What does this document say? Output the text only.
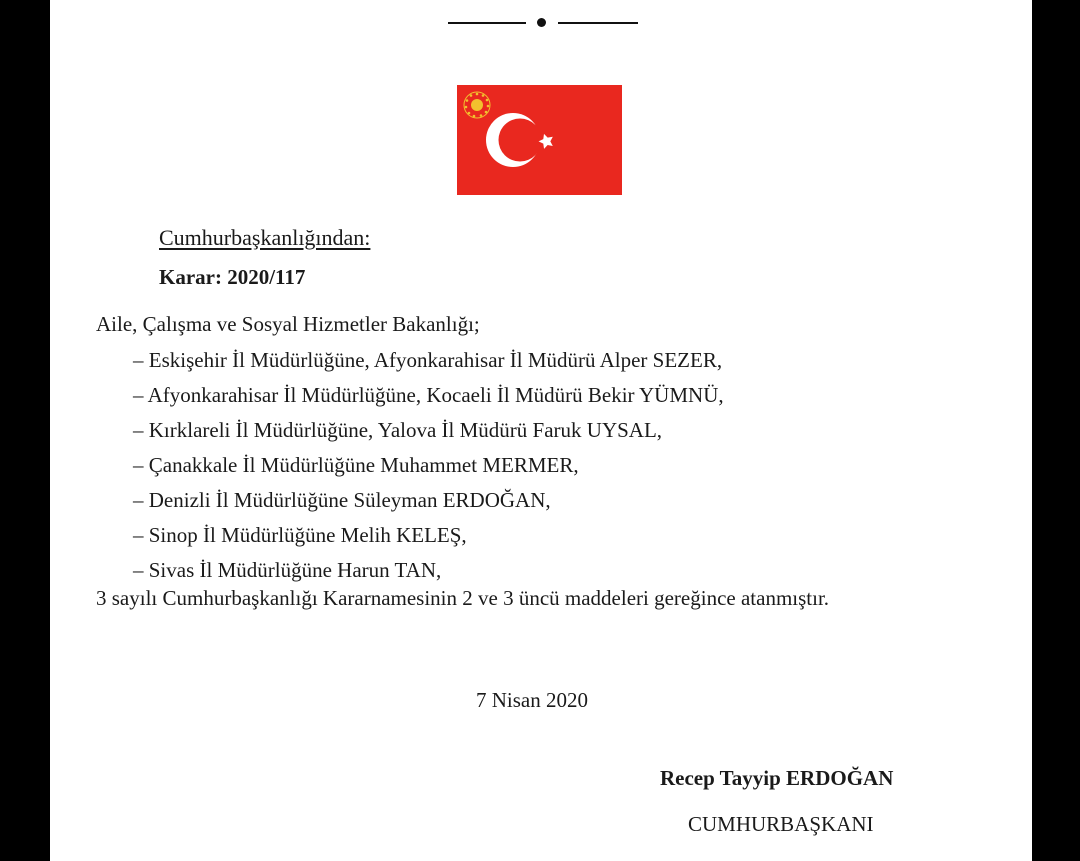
Cumhurbaşkanlığından:
Karar: 2020/117
Aile, Çalışma ve Sosyal Hizmetler Bakanlığı;
– Eskişehir İl Müdürlüğüne, Afyonkarahisar İl Müdürü Alper SEZER,
– Afyonkarahisar İl Müdürlüğüne, Kocaeli İl Müdürü Bekir YÜMNÜ,
– Kırklareli İl Müdürlüğüne, Yalova İl Müdürü Faruk UYSAL,
– Çanakkale İl Müdürlüğüne Muhammet MERMER,
– Denizli İl Müdürlüğüne Süleyman ERDOĞAN,
– Sinop İl Müdürlüğüne Melih KELEŞ,
– Sivas İl Müdürlüğüne Harun TAN,
3 sayılı Cumhurbaşkanlığı Kararnamesinin 2 ve 3 üncü maddeleri gereğince atanmıştır.
7 Nisan 2020
Recep Tayyip ERDOĞAN
CUMHURBAŞKANI
